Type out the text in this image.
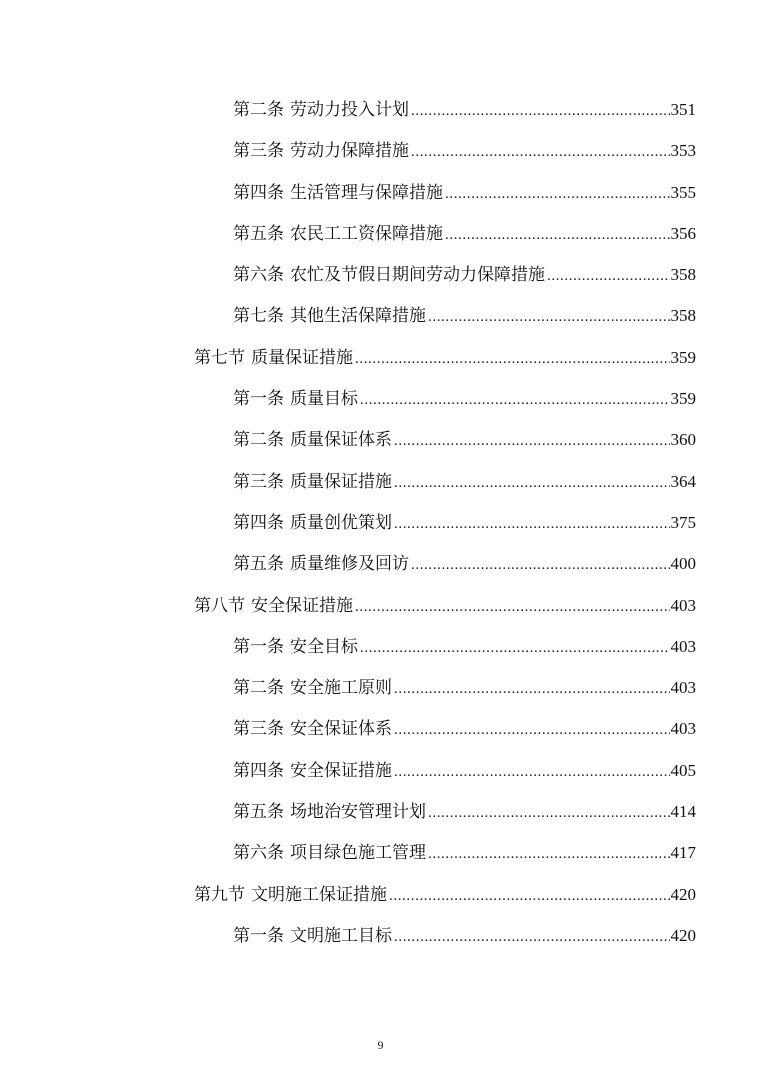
第二条 劳动力投入计划 .....	351
第三条 劳动力保障措施 .....	353
第四条 生活管理与保障措施 .....	355
第五条 农民工工资保障措施 .....	356
第六条 农忙及节假日期间劳动力保障措施 .....	358
第七条 其他生活保障措施 .....	358
第七节 质量保证措施 .....	359
第一条 质量目标 .....	359
第二条 质量保证体系 .....	360
第三条 质量保证措施 .....	364
第四条 质量创优策划 .....	375
第五条 质量维修及回访 .....	400
第八节 安全保证措施 .....	403
第一条 安全目标 .....	403
第二条 安全施工原则 .....	403
第三条 安全保证体系 .....	403
第四条 安全保证措施 .....	405
第五条 场地治安管理计划 .....	414
第六条 项目绿色施工管理 .....	417
第九节 文明施工保证措施 .....	420
第一条 文明施工目标 .....	420
9
